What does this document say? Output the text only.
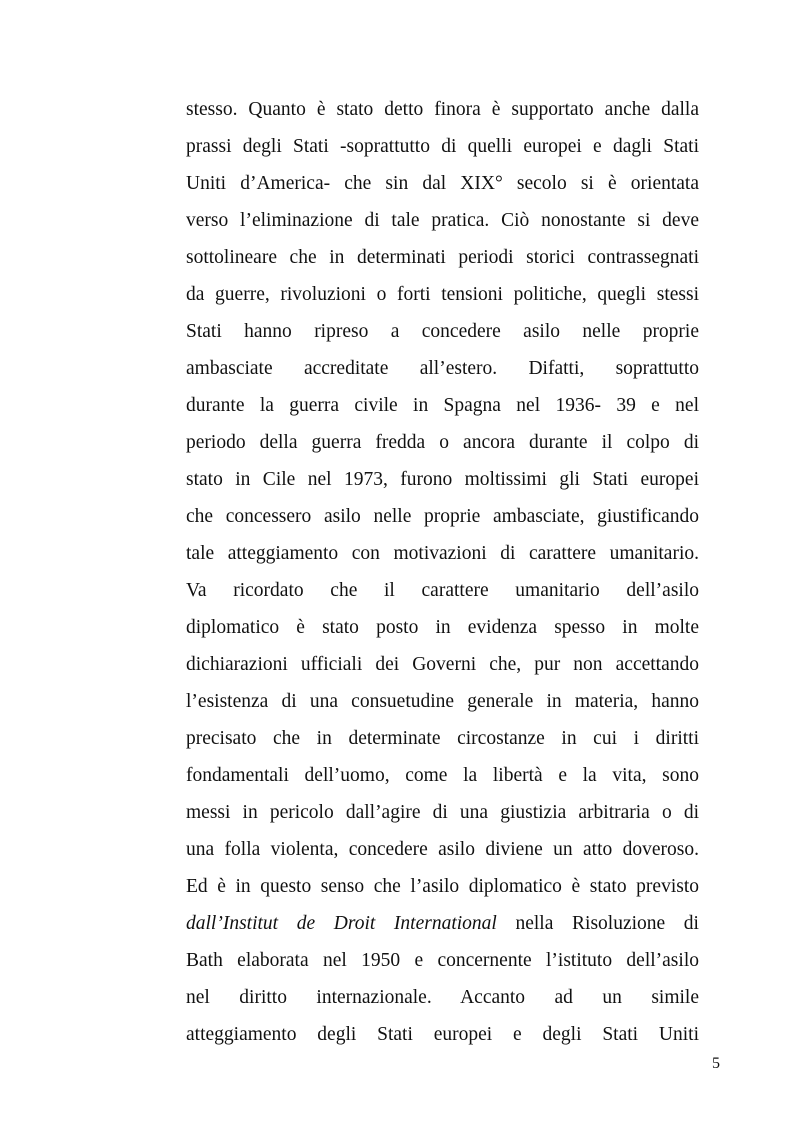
stesso. Quanto è stato detto finora è supportato anche dalla
prassi degli Stati -soprattutto di quelli europei e dagli Stati
Uniti d’America- che sin dal XIX° secolo si è orientata
verso l’eliminazione di tale pratica. Ciò nonostante si deve
sottolineare che in determinati periodi storici contrassegnati
da guerre, rivoluzioni o forti tensioni politiche, quegli stessi
Stati hanno ripreso a concedere asilo nelle proprie
ambasciate accreditate all’estero. Difatti, soprattutto
durante la guerra civile in Spagna nel 1936- 39 e nel
periodo della guerra fredda o ancora durante il colpo di
stato in Cile nel 1973, furono moltissimi gli Stati europei
che concessero asilo nelle proprie ambasciate, giustificando
tale atteggiamento con motivazioni di carattere umanitario.
Va ricordato che il carattere umanitario dell’asilo
diplomatico è stato posto in evidenza spesso in molte
dichiarazioni ufficiali dei Governi che, pur non accettando
l’esistenza di una consuetudine generale in materia, hanno
precisato che in determinate circostanze in cui i diritti
fondamentali dell’uomo, come la libertà e la vita, sono
messi in pericolo dall’agire di una giustizia arbitraria o di
una folla violenta, concedere asilo diviene un atto doveroso.
Ed è in questo senso che l’asilo diplomatico è stato previsto
dall’Institut de Droit International nella Risoluzione di
Bath elaborata nel 1950 e concernente l’istituto dell’asilo
nel diritto internazionale. Accanto ad un simile
atteggiamento degli Stati europei e degli Stati Uniti
5
